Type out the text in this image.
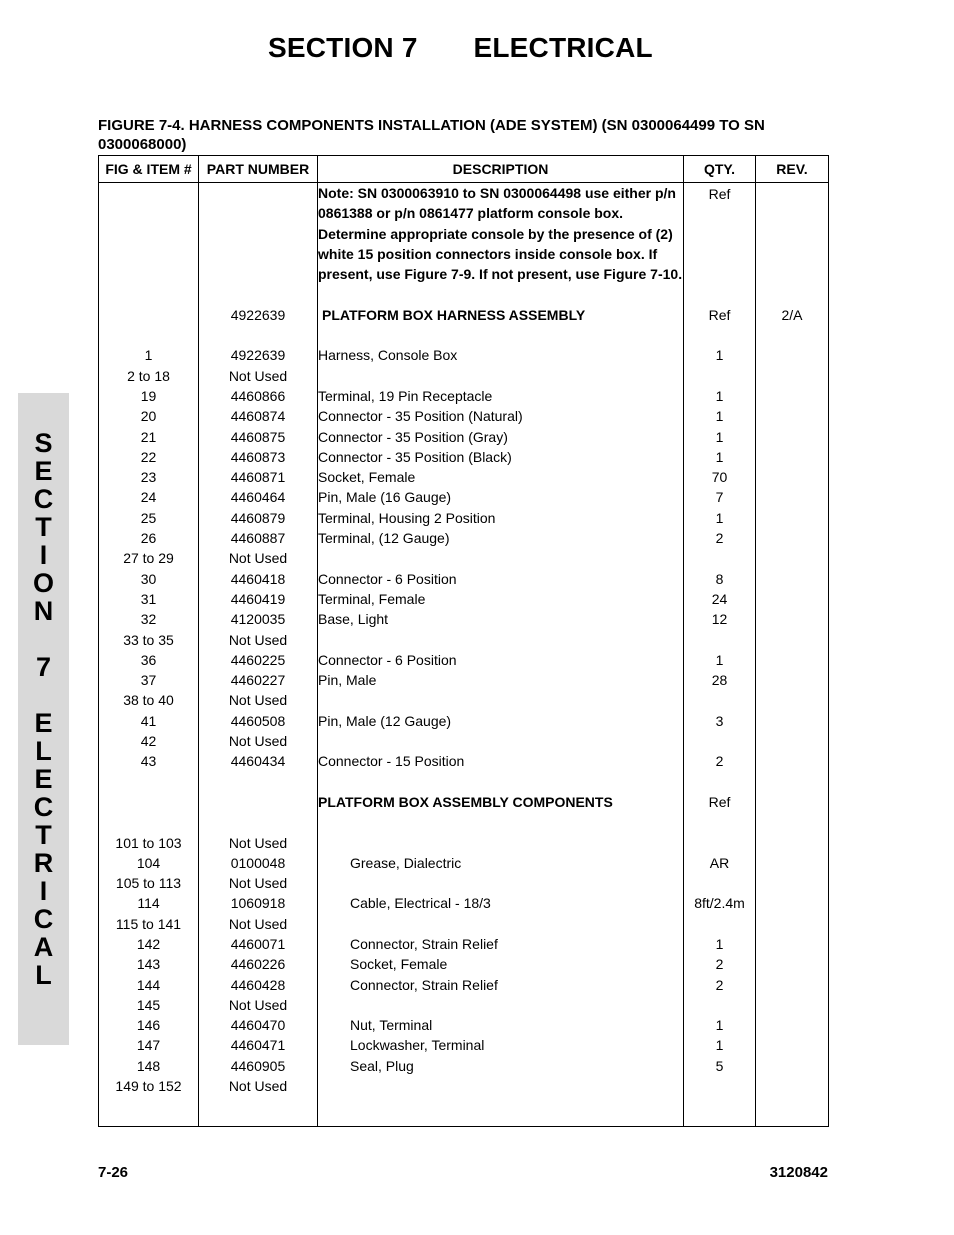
SECTION 7 ELECTRICAL
FIGURE 7-4. HARNESS COMPONENTS INSTALLATION (ADE SYSTEM) (SN 0300064499 TO SN 0300068000)
S
E
C
T
I
O
N
7
E
L
E
C
T
R
I
C
A
L
FIG & ITEM #	PART NUMBER	DESCRIPTION	QTY.	REV.
		Note: SN 0300063910 to SN 0300064498 use either p/n 0861388 or p/n 0861477 platform console box. Determine appropriate console by the presence of (2) white 15 position connectors inside console box. If present, use Figure 7-9. If not present, use Figure 7-10.	Ref	

	4922639	PLATFORM BOX HARNESS ASSEMBLY	Ref	2/A

1	4922639	Harness, Console Box	1	
2 to 18	Not Used			
19	4460866	Terminal, 19 Pin Receptacle	1	
20	4460874	Connector - 35 Position (Natural)	1	
21	4460875	Connector - 35 Position (Gray)	1	
22	4460873	Connector - 35 Position (Black)	1	
23	4460871	Socket, Female	70	
24	4460464	Pin, Male (16 Gauge)	7	
25	4460879	Terminal, Housing 2 Position	1	
26	4460887	Terminal, (12 Gauge)	2	
27 to 29	Not Used			
30	4460418	Connector - 6 Position	8	
31	4460419	Terminal, Female	24	
32	4120035	Base, Light	12	
33 to 35	Not Used			
36	4460225	Connector - 6 Position	1	
37	4460227	Pin, Male	28	
38 to 40	Not Used			
41	4460508	Pin, Male (12 Gauge)	3	
42	Not Used			
43	4460434	Connector - 15 Position	2	

		PLATFORM BOX ASSEMBLY COMPONENTS	Ref	

101 to 103	Not Used			
104	0100048	Grease, Dialectric	AR	
105 to 113	Not Used			
114	1060918	Cable, Electrical - 18/3	8ft/2.4m	
115 to 141	Not Used			
142	4460071	Connector, Strain Relief	1	
143	4460226	Socket, Female	2	
144	4460428	Connector, Strain Relief	2	
145	Not Used			
146	4460470	Nut, Terminal	1	
147	4460471	Lockwasher, Terminal	1	
148	4460905	Seal, Plug	5	
149 to 152	Not Used			

7-26	3120842
